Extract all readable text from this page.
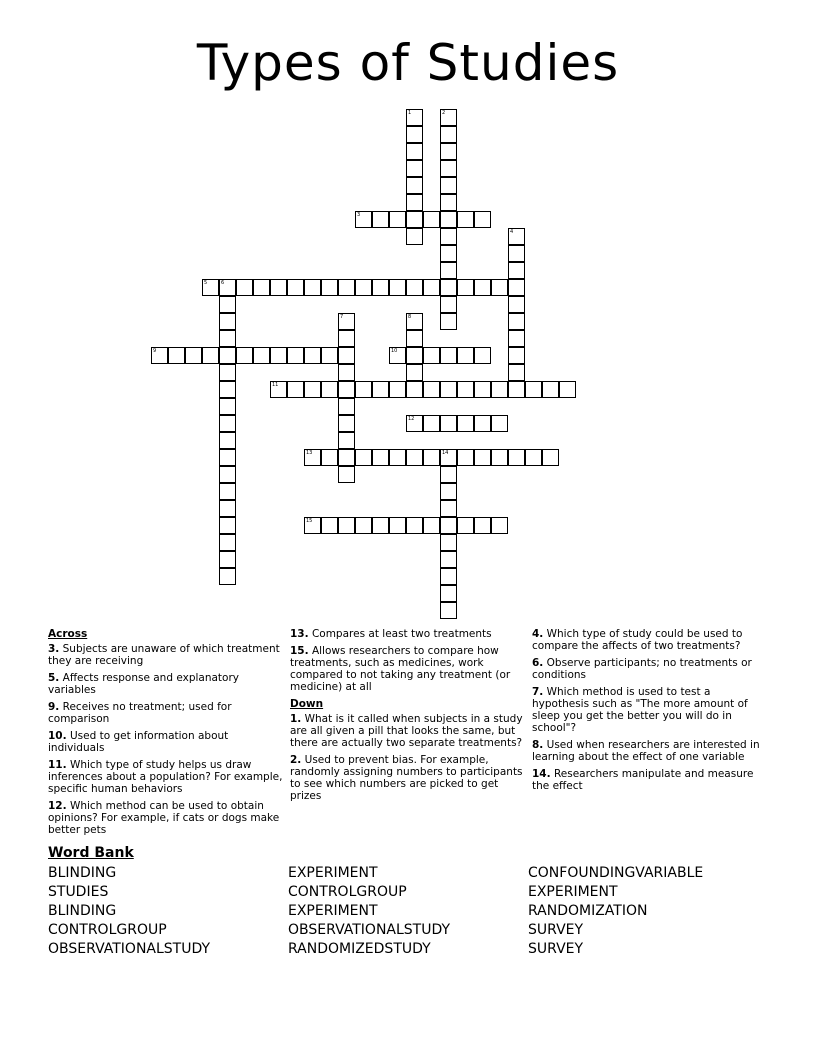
Types of Studies
1	2
3
4
5	6
7	8
9	10
11
12
13	14
15
Across
3. Subjects are unaware of which treatment they are receiving
5. Affects response and explanatory variables
9. Receives no treatment; used for comparison
10. Used to get information about individuals
11. Which type of study helps us draw inferences about a population? For example, specific human behaviors
12. Which method can be used to obtain opinions? For example, if cats or dogs make better pets
13. Compares at least two treatments
15. Allows researchers to compare how treatments, such as medicines, work compared to not taking any treatment (or medicine) at all
Down
1. What is it called when subjects in a study are all given a pill that looks the same, but there are actually two separate treatments?
2. Used to prevent bias. For example, randomly assigning numbers to participants to see which numbers are picked to get prizes
4. Which type of study could be used to compare the affects of two treatments?
6. Observe participants; no treatments or conditions
7. Which method is used to test a hypothesis such as "The more amount of sleep you get the better you will do in school"?
8. Used when researchers are interested in learning about the effect of one variable
14. Researchers manipulate and measure the effect
Word Bank
BLINDING
STUDIES
BLINDING
CONTROLGROUP
OBSERVATIONALSTUDY
EXPERIMENT
CONTROLGROUP
EXPERIMENT
OBSERVATIONALSTUDY
RANDOMIZEDSTUDY
CONFOUNDINGVARIABLE
EXPERIMENT
RANDOMIZATION
SURVEY
SURVEY
